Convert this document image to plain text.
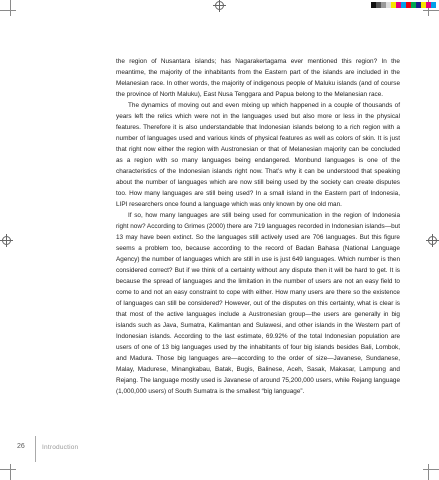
the region of Nusantara islands; has Nagarakertagama ever mentioned this region? In the meantime, the majority of the inhabitants from the Eastern part of the islands are included in the Melanesian race. In other words, the majority of indigenous people of Maluku islands (and of course the province of North Maluku), East Nusa Tenggara and Papua belong to the Melanesian race.

The dynamics of moving out and even mixing up which happened in a couple of thousands of years left the relics which were not in the languages used but also more or less in the physical features. Therefore it is also understandable that Indonesian islands belong to a rich region with a number of languages used and various kinds of physical features as well as colors of skin. It is just that right now either the region with Austronesian or that of Melanesian majority can be concluded as a region with so many languages being endangered. Monbund languages is one of the characteristics of the Indonesian islands right now. That’s why it can be understood that speaking about the number of languages which are now still being used by the society can create disputes too. How many languages are still being used? In a small island in the Eastern part of Indonesia, LIPI researchers once found a language which was only known by one old man.

If so, how many languages are still being used for communication in the region of Indonesia right now? According to Grimes (2000) there are 719 languages recorded in Indonesian islands—but 13 may have been extinct. So the languages still actively used are 706 languages. But this figure seems a problem too, because according to the record of Badan Bahasa (National Language Agency) the number of languages which are still in use is just 649 languages. Which number is then considered correct? But if we think of a certainty without any dispute then it will be hard to get. It is because the spread of languages and the limitation in the number of users are not an easy field to come to and not an easy constraint to cope with either. How many users are there so the existence of languages can still be considered? However, out of the disputes on this certainty, what is clear is that most of the active languages include a Austronesian group—the users are generally in big islands such as Java, Sumatra, Kalimantan and Sulawesi, and other islands in the Western part of Indonesian islands. According to the last estimate, 69.92% of the total Indonesian population are users of one of 13 big languages used by the inhabitants of four big islands besides Bali, Lombok, and Madura. Those big languages are—according to the order of size—Javanese, Sundanese, Malay, Madurese, Minangkabau, Batak, Bugis, Balinese, Aceh, Sasak, Makasar, Lampung and Rejang. The language mostly used is Javanese of around 75,200,000 users, while Rejang language (1,000,000 users) of South Sumatra is the smallest “big language”.

26	Introduction
